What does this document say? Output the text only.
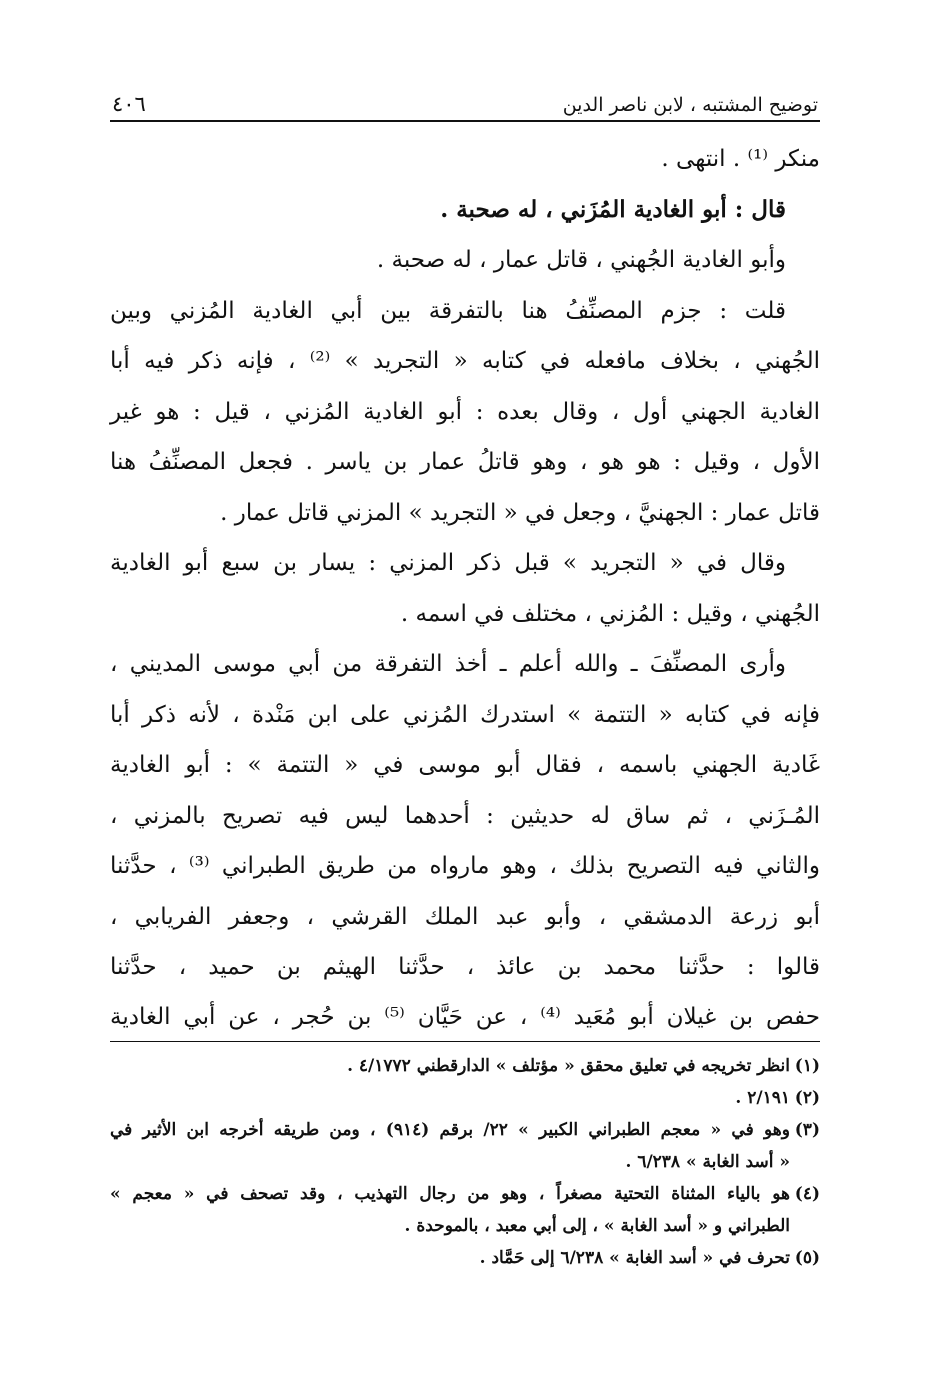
توضيح المشتبه ، لابن ناصر الدين
٤٠٦
منكر ⁽¹⁾ . انتهى .
قال : أبو الغادية المُزَني ، له صحبة .
وأبو الغادية الجُهني ، قاتل عمار ، له صحبة .
قلت : جزم المصنِّفُ هنا بالتفرقة بين أبي الغادية المُزني وبين
الجُهني ، بخلاف مافعله في كتابه « التجريد » ⁽²⁾ ، فإنه ذكر فيه أبا
الغادية الجهني أول ، وقال بعده : أبو الغادية المُزني ، قيل : هو غير
الأول ، وقيل : هو هو ، وهو قاتلُ عمار بن ياسر . فجعل المصنِّفُ هنا
قاتل عمار : الجهنيَّ ، وجعل في « التجريد » المزني قاتل عمار .
وقال في « التجريد » قبل ذكر المزني : يسار بن سبع أبو الغادية
الجُهني ، وقيل : المُزني ، مختلف في اسمه .
وأرى المصنِّفَ ـ والله أعلم ـ أخذ التفرقة من أبي موسى المديني ،
فإنه في كتابه « التتمة » استدرك المُزني على ابن مَنْدة ، لأنه ذكر أبا
غَادية الجهني باسمه ، فقال أبو موسى في « التتمة » : أبو الغادية
المُـزَني ، ثم ساق له حديثين : أحدهما ليس فيه تصريح بالمزني ،
والثاني فيه التصريح بذلك ، وهو مارواه من طريق الطبراني ⁽³⁾ ، حدَّثنا
أبو زرعة الدمشقي ، وأبو عبد الملك القرشي ، وجعفر الفريابي ،
قالوا : حدَّثنا محمد بن عائذ ، حدَّثنا الهيثم بن حميد ، حدَّثنا
حفص بن غيلان أبو مُعَيد ⁽⁴⁾ ، عن حَيَّان ⁽⁵⁾ بن حُجر ، عن أبي الغادية
(١)انظر تخريجه في تعليق محقق « مؤتلف » الدارقطني ٤/١٧٧٢ .
(٢)٢/١٩١ .
(٣)وهو في « معجم الطبراني الكبير » ٢٢/ برقم (٩١٤) ، ومن طريقه أخرجه ابن الأثير في
« أسد الغابة » ٦/٢٣٨ .
(٤)هو بالياء المثناة التحتية مصغراً ، وهو من رجال التهذيب ، وقد تصحف في « معجم »
الطبراني و « أسد الغابة » ، إلى أبي معبد ، بالموحدة .
(٥)تحرف في « أسد الغابة » ٦/٢٣٨ إلى حَمَّاد .
